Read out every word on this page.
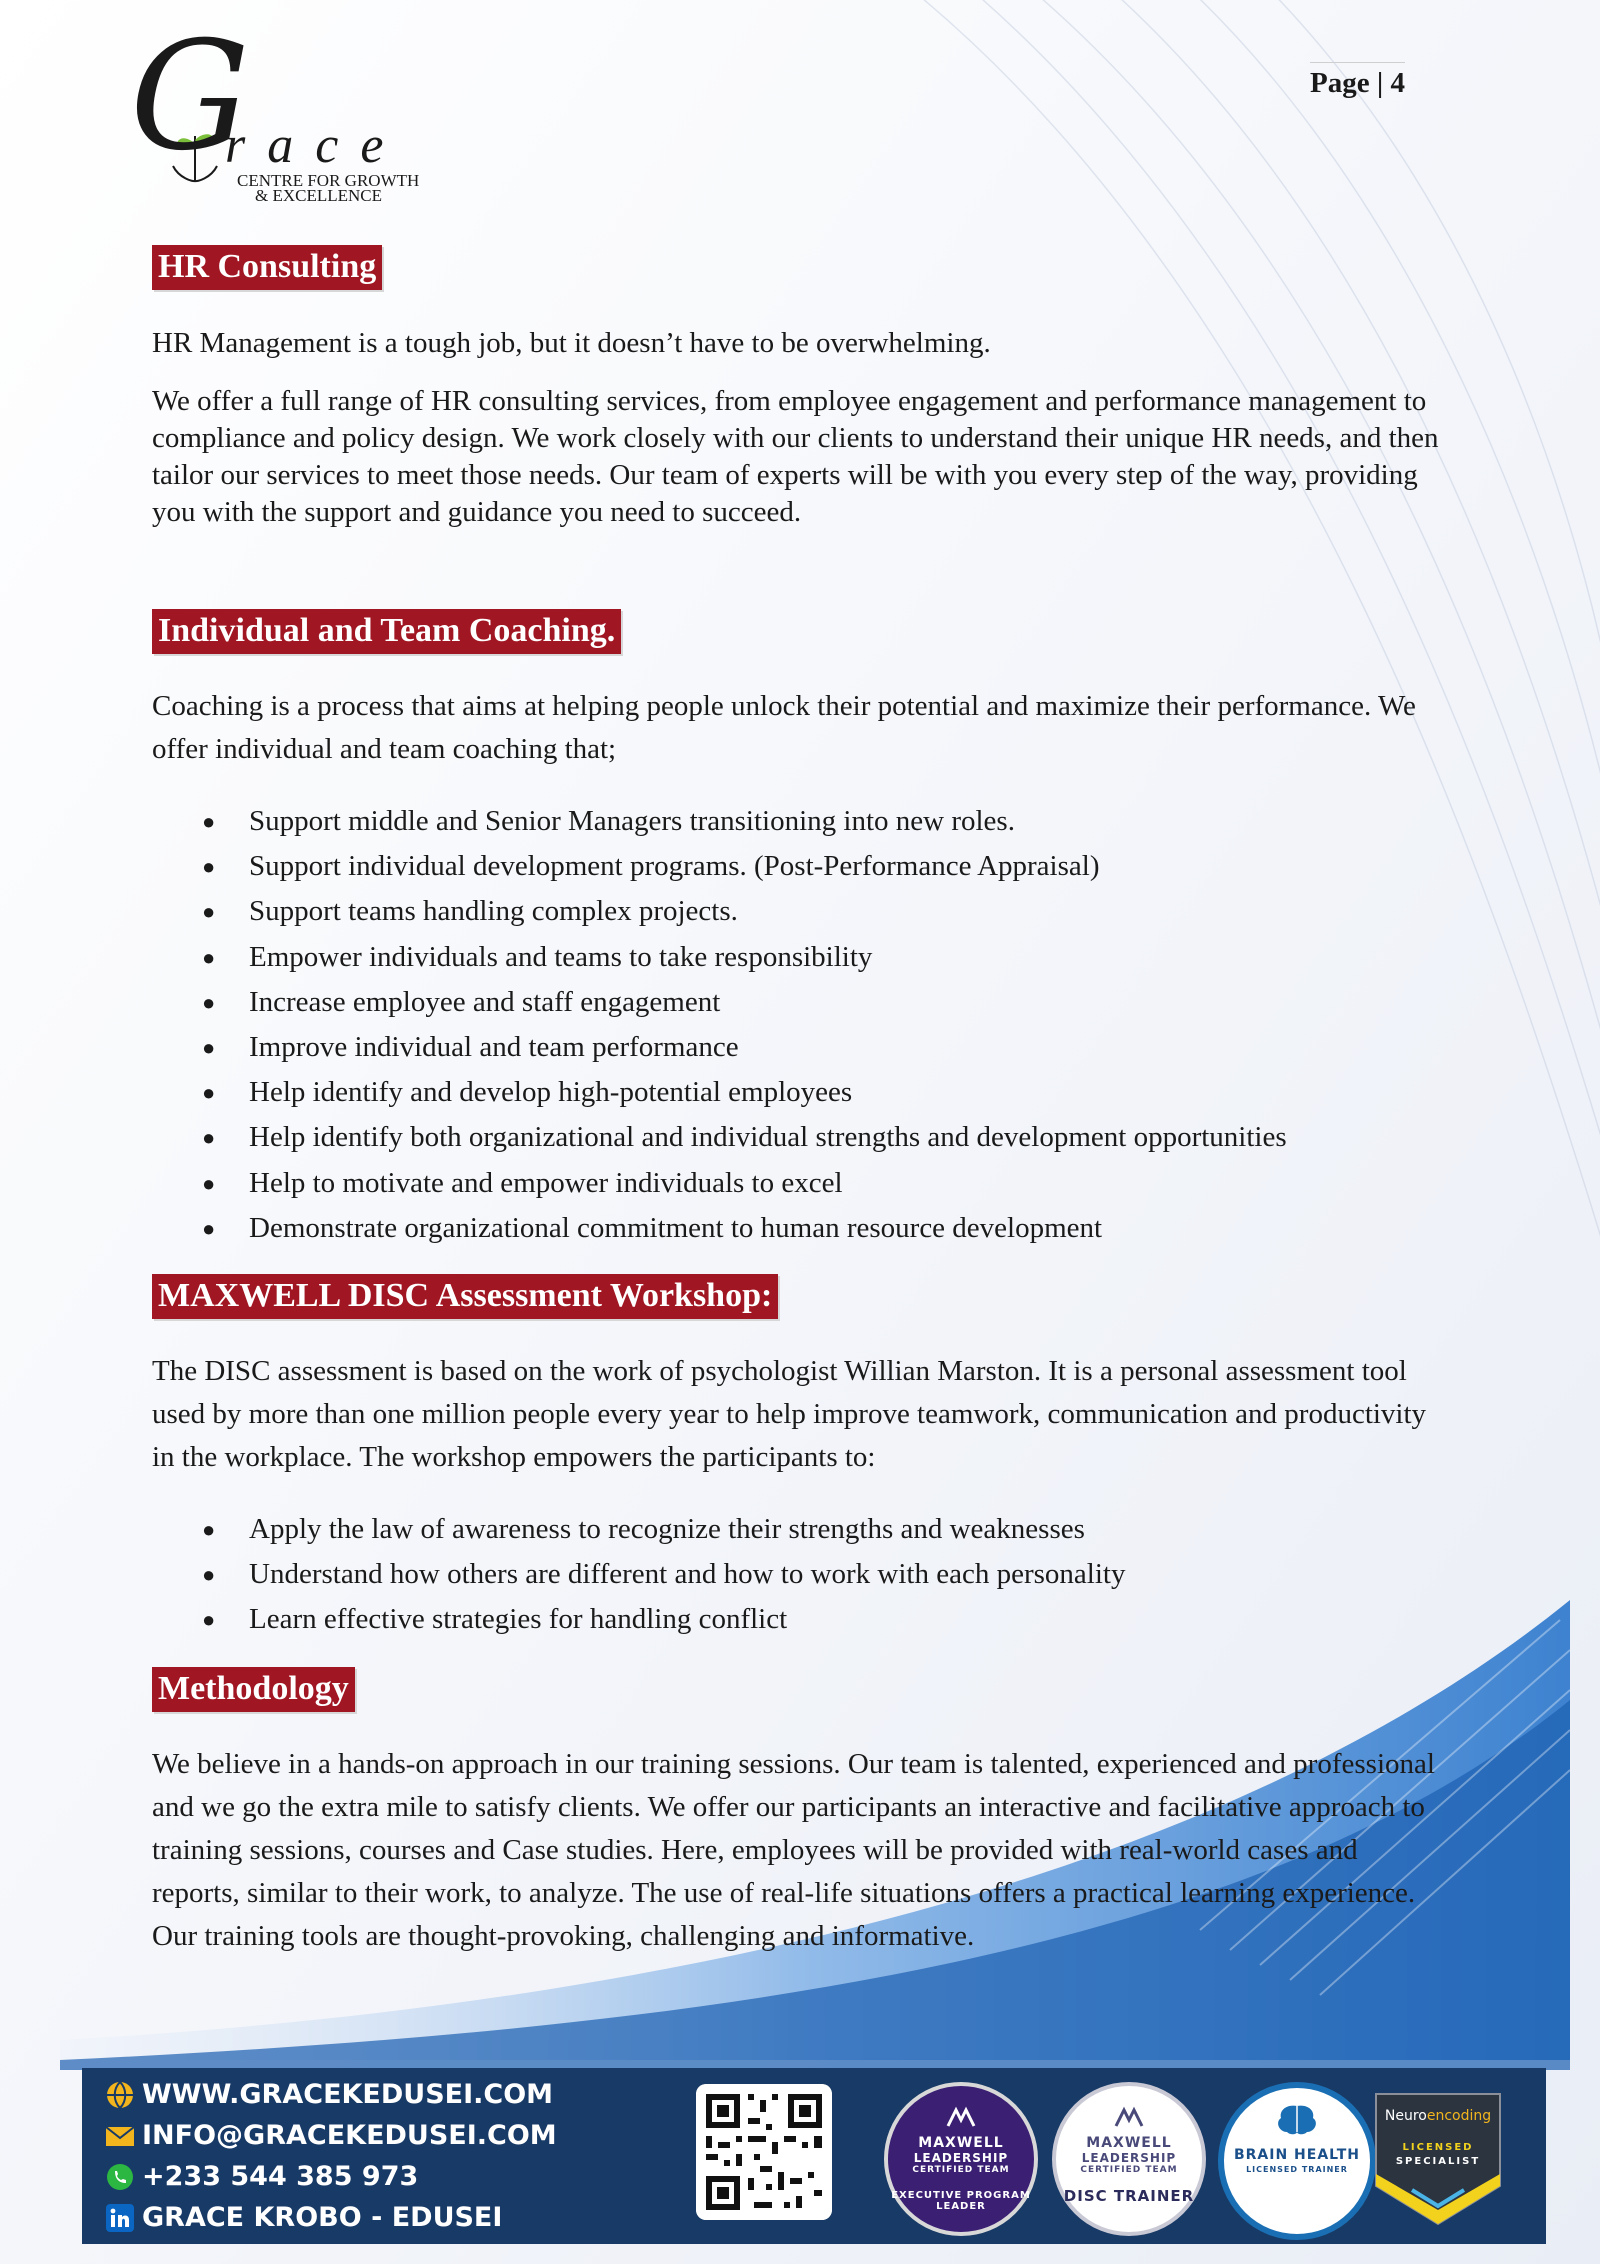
G
race
CENTRE FOR GROWTH
& EXCELLENCE
Page | 4
HR Consulting

HR Management is a tough job, but it doesn’t have to be overwhelming.

We offer a full range of HR consulting services, from employee engagement and performance management to compliance and policy design. We work closely with our clients to understand their unique HR needs, and then tailor our services to meet those needs. Our team of experts will be with you every step of the way, providing you with the support and guidance you need to succeed.

Individual and Team Coaching.

Coaching is a process that aims at helping people unlock their potential and maximize their performance. We offer individual and team coaching that;

● Support middle and Senior Managers transitioning into new roles.
● Support individual development programs. (Post-Performance Appraisal)
● Support teams handling complex projects.
● Empower individuals and teams to take responsibility
● Increase employee and staff engagement
● Improve individual and team performance
● Help identify and develop high-potential employees
● Help identify both organizational and individual strengths and development opportunities
● Help to motivate and empower individuals to excel
● Demonstrate organizational commitment to human resource development
MAXWELL DISC Assessment Workshop:

The DISC assessment is based on the work of psychologist Willian Marston. It is a personal assessment tool used by more than one million people every year to help improve teamwork, communication and productivity in the workplace. The workshop empowers the participants to:

● Apply the law of awareness to recognize their strengths and weaknesses
● Understand how others are different and how to work with each personality
● Learn effective strategies for handling conflict
Methodology

We believe in a hands-on approach in our training sessions. Our team is talented, experienced and professional and we go the extra mile to satisfy clients. We offer our participants an interactive and facilitative approach to training sessions, courses and Case studies. Here, employees will be provided with real-world cases and reports, similar to their work, to analyze. The use of real-life situations offers a practical learning experience. Our training tools are thought-provoking, challenging and informative.

WWW.GRACEKEDUSEI.COM
INFO@GRACEKEDUSEI.COM
+233 544 385 973
GRACE KROBO - EDUSEI
MAXWELL
LEADERSHIP
CERTIFIED TEAM
EXECUTIVE PROGRAM LEADER
MAXWELL
LEADERSHIP
CERTIFIED TEAM
DISC TRAINER
BRAIN HEALTH
LICENSED TRAINER
Neuroencoding
LICENSED
SPECIALIST
